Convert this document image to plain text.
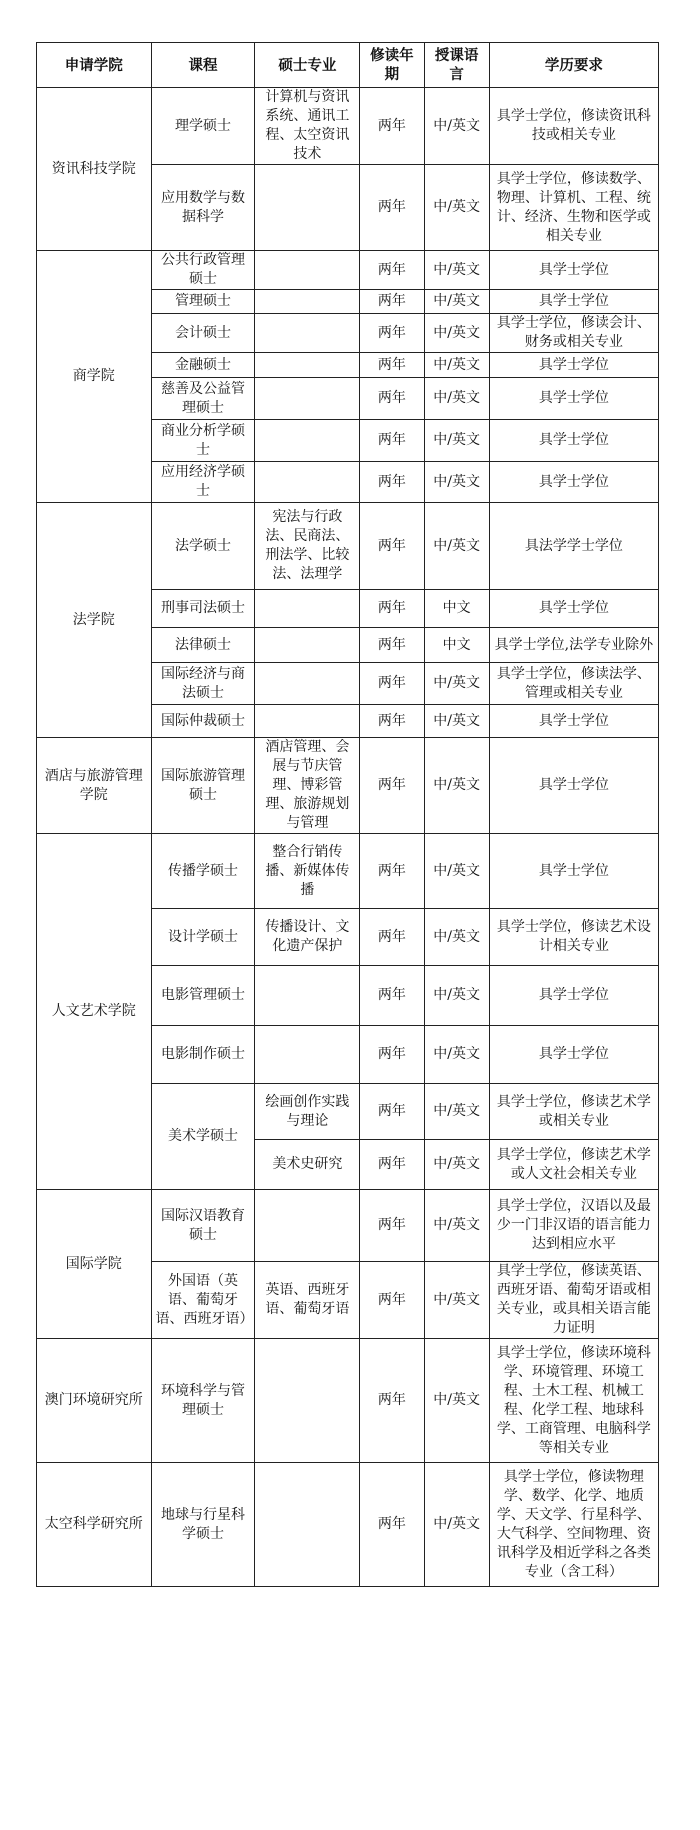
申请学院	课程	硕士专业	修读年期	授课语言	学历要求
资讯科技学院	理学硕士	计算机与资讯系统、通讯工程、太空资讯技术	两年	中/英文	具学士学位，修读资讯科技或相关专业
	应用数学与数据科学		两年	中/英文	具学士学位，修读数学、物理、计算机、工程、统计、经济、生物和医学或相关专业
商学院	公共行政管理硕士		两年	中/英文	具学士学位
	管理硕士		两年	中/英文	具学士学位
	会计硕士		两年	中/英文	具学士学位，修读会计、财务或相关专业
	金融硕士		两年	中/英文	具学士学位
	慈善及公益管理硕士		两年	中/英文	具学士学位
	商业分析学硕士		两年	中/英文	具学士学位
	应用经济学硕士		两年	中/英文	具学士学位
法学院	法学硕士	宪法与行政法、民商法、刑法学、比较法、法理学	两年	中/英文	具法学学士学位
	刑事司法硕士		两年	中文	具学士学位
	法律硕士		两年	中文	具学士学位,法学专业除外
	国际经济与商法硕士		两年	中/英文	具学士学位，修读法学、管理或相关专业
	国际仲裁硕士		两年	中/英文	具学士学位
酒店与旅游管理学院	国际旅游管理硕士	酒店管理、会展与节庆管理、博彩管理、旅游规划与管理	两年	中/英文	具学士学位
人文艺术学院	传播学硕士	整合行销传播、新媒体传播	两年	中/英文	具学士学位
	设计学硕士	传播设计、文化遗产保护	两年	中/英文	具学士学位，修读艺术设计相关专业
	电影管理硕士		两年	中/英文	具学士学位
	电影制作硕士		两年	中/英文	具学士学位
	美术学硕士	绘画创作实践与理论	两年	中/英文	具学士学位，修读艺术学或相关专业
		美术史研究	两年	中/英文	具学士学位，修读艺术学或人文社会相关专业
国际学院	国际汉语教育硕士		两年	中/英文	具学士学位，汉语以及最少一门非汉语的语言能力达到相应水平
	外国语（英语、葡萄牙语、西班牙语）	英语、西班牙语、葡萄牙语	两年	中/英文	具学士学位，修读英语、西班牙语、葡萄牙语或相关专业，或具相关语言能力证明
澳门环境研究所	环境科学与管理硕士		两年	中/英文	具学士学位，修读环境科学、环境管理、环境工程、土木工程、机械工程、化学工程、地球科学、工商管理、电脑科学等相关专业
太空科学研究所	地球与行星科学硕士		两年	中/英文	具学士学位，修读物理学、数学、化学、地质学、天文学、行星科学、大气科学、空间物理、资讯科学及相近学科之各类专业（含工科）
